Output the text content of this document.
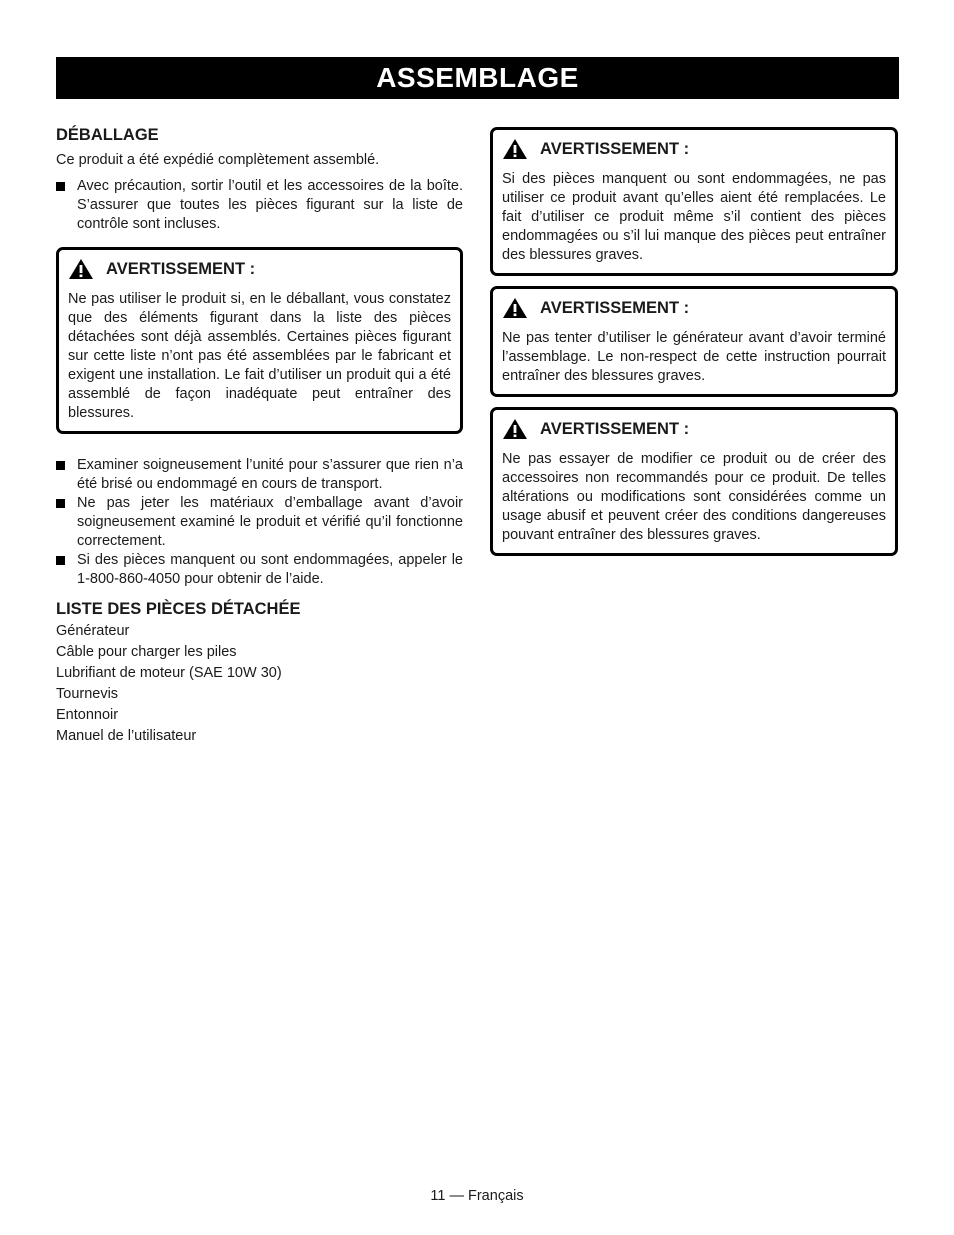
ASSEMBLAGE
DÉBALLAGE

Ce produit a été expédié complètement assemblé.

Avec précaution, sortir l’outil et les accessoires de la boîte. S’assurer que toutes les pièces figurant sur la liste de contrôle sont incluses.
AVERTISSEMENT :

Ne pas utiliser le produit si, en le déballant, vous constatez que des éléments figurant dans la liste des pièces détachées sont déjà assemblés. Certaines pièces figurant sur cette liste n’ont pas été assemblées par le fabricant et exigent une installation. Le fait d’utiliser un produit qui a été assemblé de façon inadéquate peut entraîner des blessures.

Examiner soigneusement l’unité pour s’assurer que rien n’a été brisé ou endommagé en cours de transport.
Ne pas jeter les matériaux d’emballage avant d’avoir soigneusement examiné le produit et vérifié qu’il fonctionne correctement.
Si des pièces manquent ou sont endommagées, appeler le 1-800-860-4050 pour obtenir de l’aide.
LISTE DES PIÈCES DÉTACHÉE

Générateur

Câble pour charger les piles

Lubrifiant de moteur (SAE 10W 30)

Tournevis

Entonnoir

Manuel de l’utilisateur

AVERTISSEMENT :

Si des pièces manquent ou sont endommagées, ne pas utiliser ce produit avant qu’elles aient été remplacées. Le fait d’utiliser ce produit même s’il contient des pièces endommagées ou s’il lui manque des pièces peut entraîner des blessures graves.

AVERTISSEMENT :

Ne pas tenter d’utiliser le générateur avant d’avoir terminé l’assemblage. Le non-respect de cette instruction pourrait entraîner des blessures graves.

AVERTISSEMENT :

Ne pas essayer de modifier ce produit ou de créer des accessoires non recommandés pour ce produit. De telles altérations ou modifications sont considérées comme un usage abusif et peuvent créer des conditions dangereuses pouvant entraîner des blessures graves.

11 — Français
